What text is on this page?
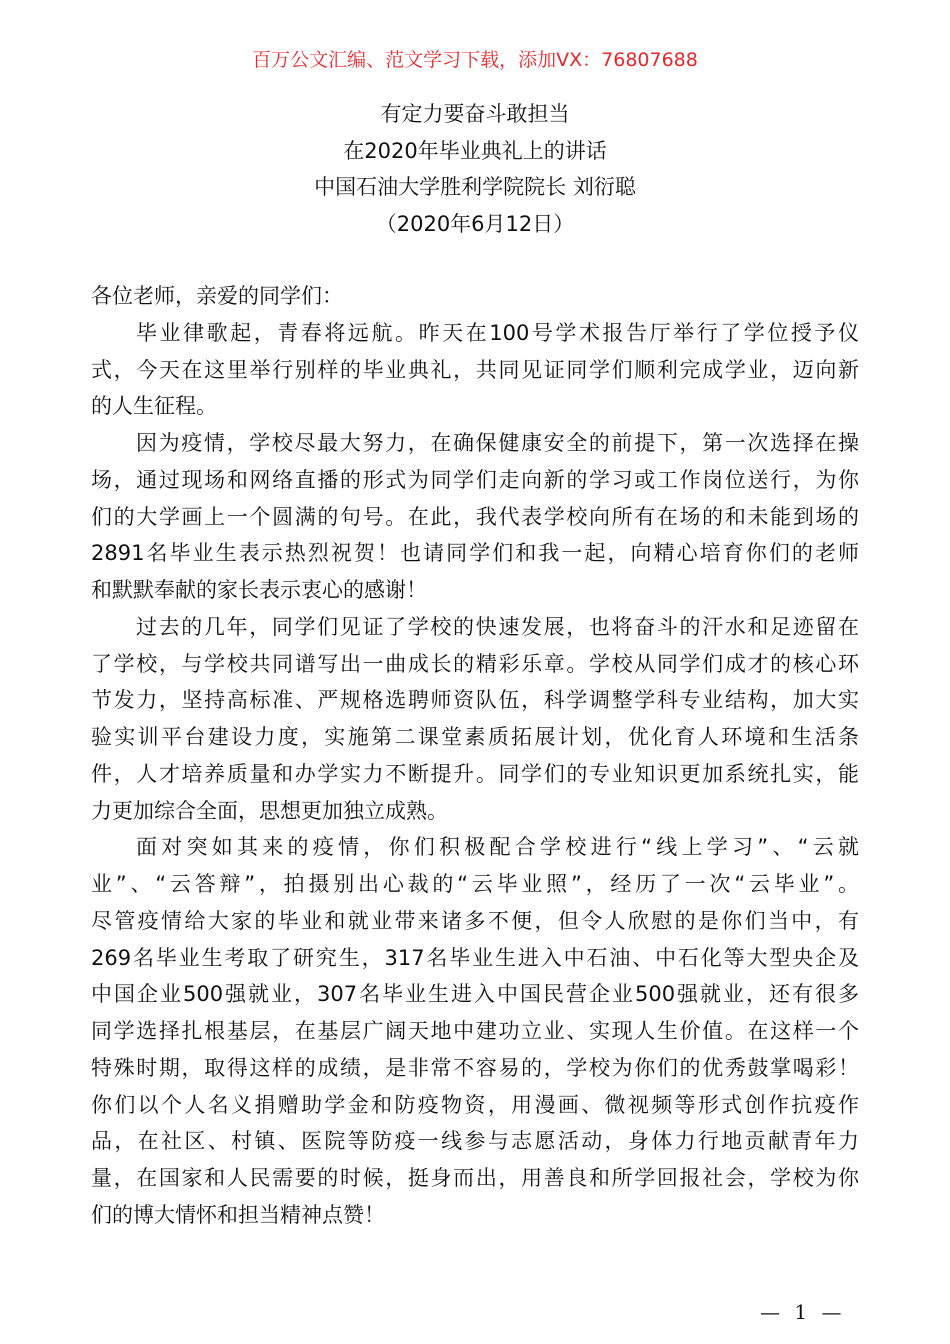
百万公文汇编、范文学习下载，添加VX：76807688
有定力要奋斗敢担当
在2020年毕业典礼上的讲话
中国石油大学胜利学院院长 刘衍聪
（2020年6月12日）
各位老师，亲爱的同学们：
毕业律歌起，青春将远航。昨天在100号学术报告厅举行了学位授予仪
式，今天在这里举行别样的毕业典礼，共同见证同学们顺利完成学业，迈向新
的人生征程。
因为疫情，学校尽最大努力，在确保健康安全的前提下，第一次选择在操
场，通过现场和网络直播的形式为同学们走向新的学习或工作岗位送行，为你
们的大学画上一个圆满的句号。在此，我代表学校向所有在场的和未能到场的
2891名毕业生表示热烈祝贺！也请同学们和我一起，向精心培育你们的老师
和默默奉献的家长表示衷心的感谢！
过去的几年，同学们见证了学校的快速发展，也将奋斗的汗水和足迹留在
了学校，与学校共同谱写出一曲成长的精彩乐章。学校从同学们成才的核心环
节发力，坚持高标准、严规格选聘师资队伍，科学调整学科专业结构，加大实
验实训平台建设力度，实施第二课堂素质拓展计划，优化育人环境和生活条
件，人才培养质量和办学实力不断提升。同学们的专业知识更加系统扎实，能
力更加综合全面，思想更加独立成熟。
面对突如其来的疫情，你们积极配合学校进行“线上学习”、“云就
业”、“云答辩”，拍摄别出心裁的“云毕业照”，经历了一次“云毕业”。
尽管疫情给大家的毕业和就业带来诸多不便，但令人欣慰的是你们当中，有
269名毕业生考取了研究生，317名毕业生进入中石油、中石化等大型央企及
中国企业500强就业，307名毕业生进入中国民营企业500强就业，还有很多
同学选择扎根基层，在基层广阔天地中建功立业、实现人生价值。在这样一个
特殊时期，取得这样的成绩，是非常不容易的，学校为你们的优秀鼓掌喝彩！
你们以个人名义捐赠助学金和防疫物资，用漫画、微视频等形式创作抗疫作
品，在社区、村镇、医院等防疫一线参与志愿活动，身体力行地贡献青年力
量，在国家和人民需要的时候，挺身而出，用善良和所学回报社会，学校为你
们的博大情怀和担当精神点赞！
— 1 —
